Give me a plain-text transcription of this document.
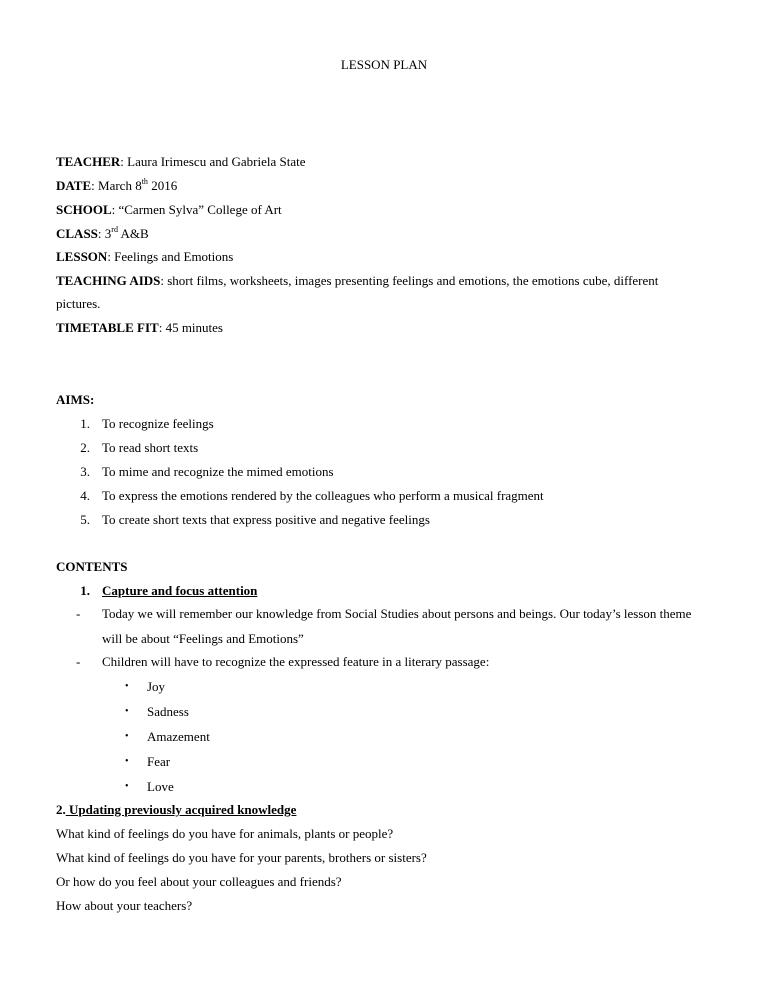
LESSON PLAN
TEACHER: Laura Irimescu and Gabriela State
DATE: March 8th 2016
SCHOOL: “Carmen Sylva” College of Art
CLASS: 3rd A&B
LESSON: Feelings and Emotions
TEACHING AIDS: short films, worksheets, images presenting feelings and emotions, the emotions cube, different
pictures.
TIMETABLE FIT: 45 minutes
AIMS:
1. To recognize feelings
2. To read short texts
3. To mime and recognize the mimed emotions
4. To express the emotions rendered by the colleagues who perform a musical fragment
5. To create short texts that express positive and negative feelings
CONTENTS
1. Capture and focus attention
- Today we will remember our knowledge from Social Studies about persons and beings. Our today’s lesson theme
will be about “Feelings and Emotions”
- Children will have to recognize the expressed feature in a literary passage:
• Joy
• Sadness
• Amazement
• Fear
• Love
2. Updating previously acquired knowledge
What kind of feelings do you have for animals, plants or people?
What kind of feelings do you have for your parents, brothers or sisters?
Or how do you feel about your colleagues and friends?
How about your teachers?
